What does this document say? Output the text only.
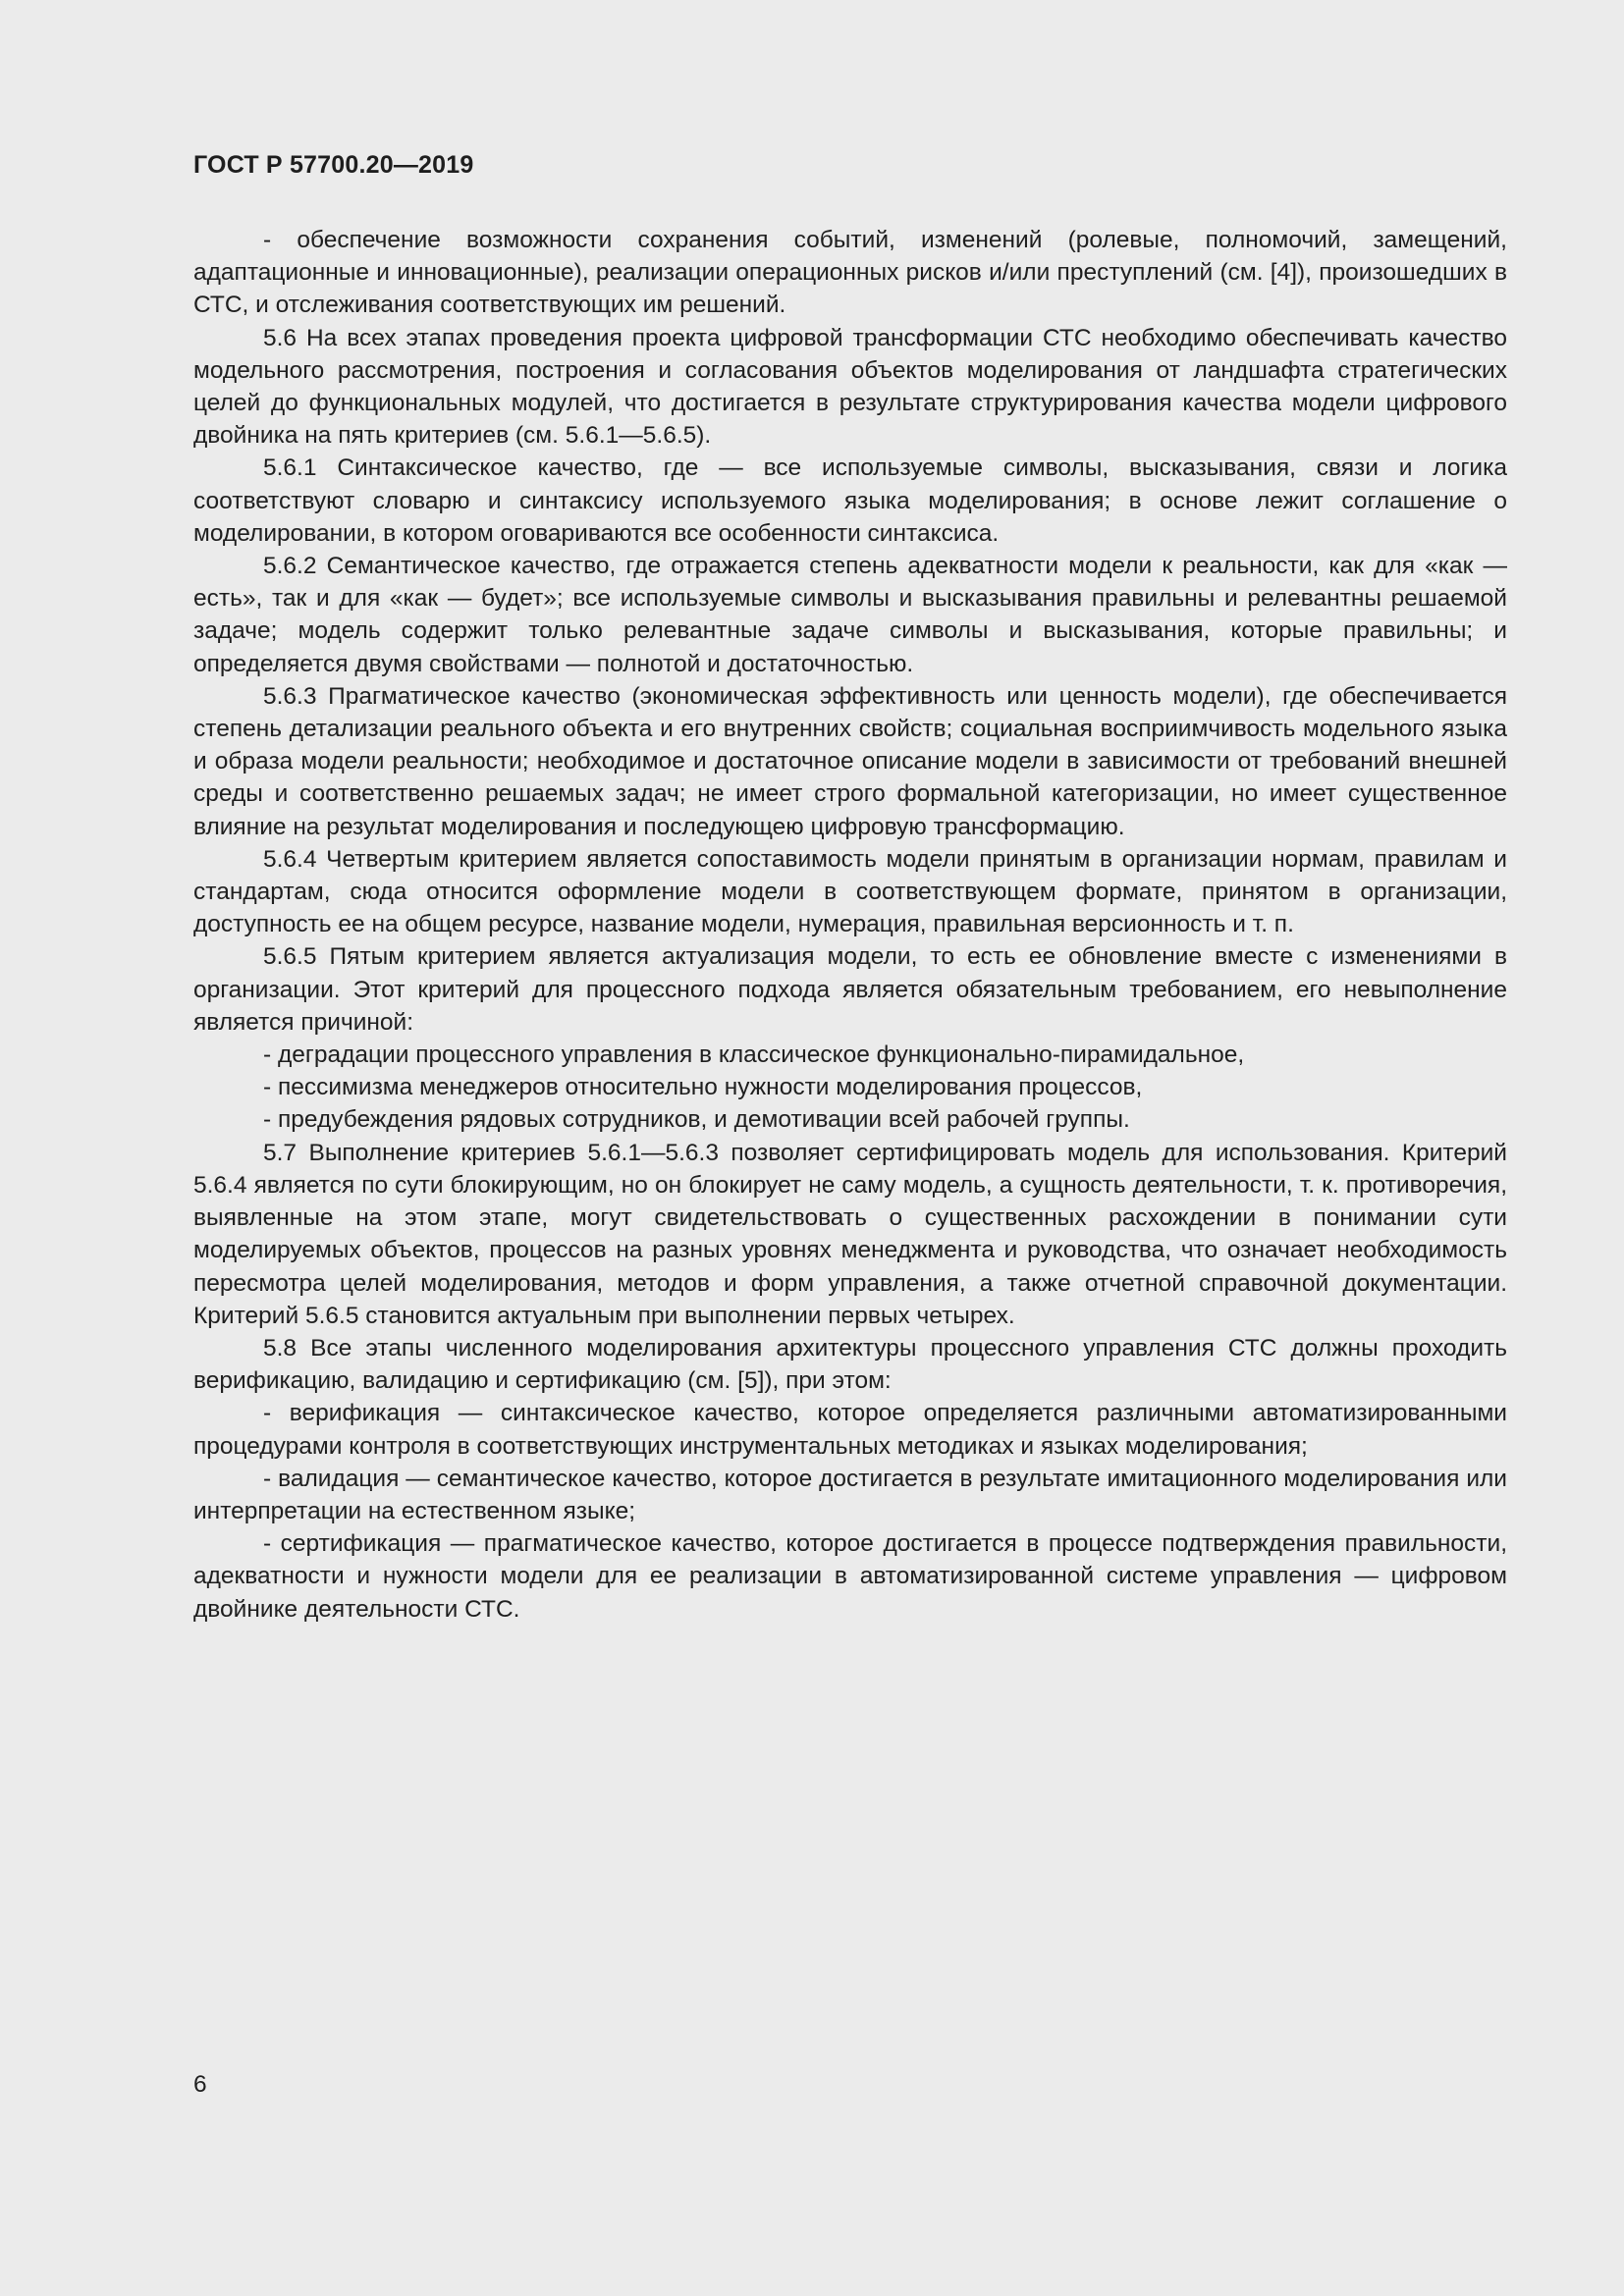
ГОСТ Р 57700.20—2019

- обеспечение возможности сохранения событий, изменений (ролевые, полномочий, замещений, адаптационные и инновационные), реализации операционных рисков и/или преступлений (см. [4]), произошедших в СТС, и отслеживания соответствующих им решений.

5.6 На всех этапах проведения проекта цифровой трансформации СТС необходимо обеспечивать качество модельного рассмотрения, построения и согласования объектов моделирования от ландшафта стратегических целей до функциональных модулей, что достигается в результате структурирования качества модели цифрового двойника на пять критериев (см. 5.6.1—5.6.5).

5.6.1 Синтаксическое качество, где — все используемые символы, высказывания, связи и логика соответствуют словарю и синтаксису используемого языка моделирования; в основе лежит соглашение о моделировании, в котором оговариваются все особенности синтаксиса.

5.6.2 Семантическое качество, где отражается степень адекватности модели к реальности, как для «как — есть», так и для «как — будет»; все используемые символы и высказывания правильны и релевантны решаемой задаче; модель содержит только релевантные задаче символы и высказывания, которые правильны; и определяется двумя свойствами — полнотой и достаточностью.

5.6.3 Прагматическое качество (экономическая эффективность или ценность модели), где обеспечивается степень детализации реального объекта и его внутренних свойств; социальная восприимчивость модельного языка и образа модели реальности; необходимое и достаточное описание модели в зависимости от требований внешней среды и соответственно решаемых задач; не имеет строго формальной категоризации, но имеет существенное влияние на результат моделирования и последующею цифровую трансформацию.

5.6.4 Четвертым критерием является сопоставимость модели принятым в организации нормам, правилам и стандартам, сюда относится оформление модели в соответствующем формате, принятом в организации, доступность ее на общем ресурсе, название модели, нумерация, правильная версионность и т. п.

5.6.5 Пятым критерием является актуализация модели, то есть ее обновление вместе с изменениями в организации. Этот критерий для процессного подхода является обязательным требованием, его невыполнение является причиной:

- деградации процессного управления в классическое функционально-пирамидальное,

- пессимизма менеджеров относительно нужности моделирования процессов,

- предубеждения рядовых сотрудников, и демотивации всей рабочей группы.

5.7 Выполнение критериев 5.6.1—5.6.3 позволяет сертифицировать модель для использования. Критерий 5.6.4 является по сути блокирующим, но он блокирует не саму модель, а сущность деятельности, т. к. противоречия, выявленные на этом этапе, могут свидетельствовать о существенных расхождении в понимании сути моделируемых объектов, процессов на разных уровнях менеджмента и руководства, что означает необходимость пересмотра целей моделирования, методов и форм управления, а также отчетной справочной документации. Критерий 5.6.5 становится актуальным при выполнении первых четырех.

5.8 Все этапы численного моделирования архитектуры процессного управления СТС должны проходить верификацию, валидацию и сертификацию (см. [5]), при этом:

- верификация — синтаксическое качество, которое определяется различными автоматизированными процедурами контроля в соответствующих инструментальных методиках и языках моделирования;

- валидация — семантическое качество, которое достигается в результате имитационного моделирования или интерпретации на естественном языке;

- сертификация — прагматическое качество, которое достигается в процессе подтверждения правильности, адекватности и нужности модели для ее реализации в автоматизированной системе управления — цифровом двойнике деятельности СТС.

6
